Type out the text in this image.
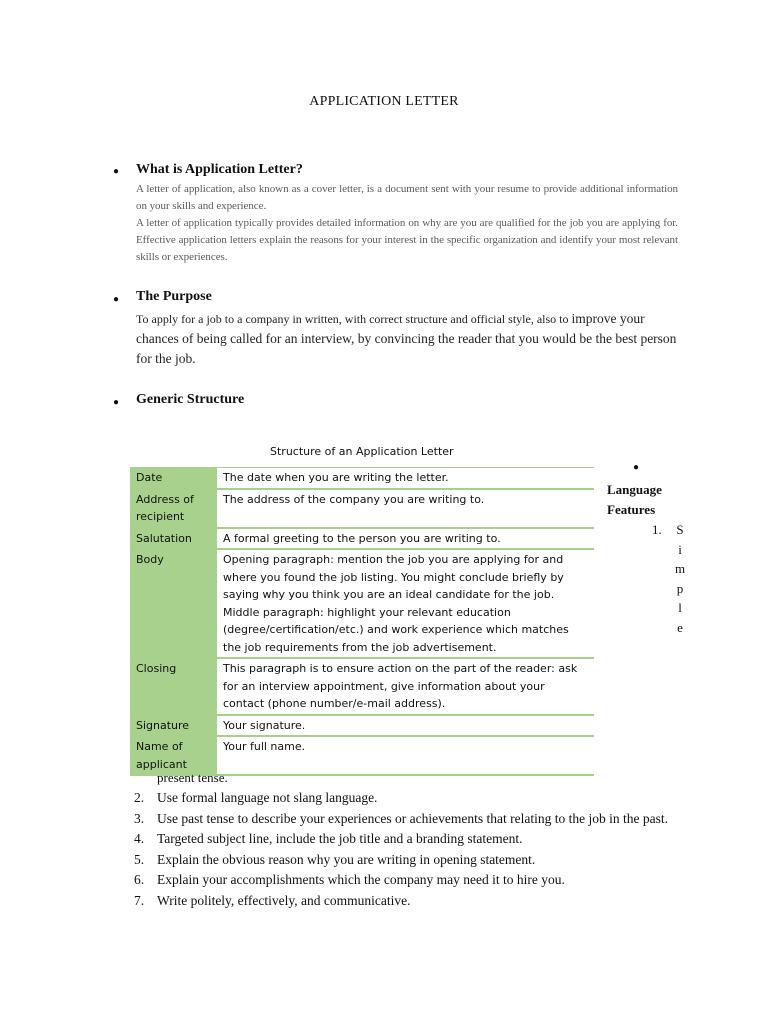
APPLICATION LETTER
● What is Application Letter?

A letter of application, also known as a cover letter, is a document sent with your resume to provide additional information on your skills and experience.

A letter of application typically provides detailed information on why are you are qualified for the job you are applying for. Effective application letters explain the reasons for your interest in the specific organization and identify your most relevant skills or experiences.

● The Purpose
To apply for a job to a company in written, with correct structure and official style, also to improve your chances of being called for an interview, by convincing the reader that you would be the best person for the job.
● Generic Structure
Structure of an Application Letter
Date	The date when you are writing the letter.
Address of recipient	The address of the company you are writing to.
Salutation	A formal greeting to the person you are writing to.
Body	Opening paragraph: mention the job you are applying for and where you found the job listing. You might conclude briefly by saying why you think you are an ideal candidate for the job. Middle paragraph: highlight your relevant education (degree/certification/etc.) and work experience which matches the job requirements from the job advertisement.
Closing	This paragraph is to ensure action on the part of the reader: ask for an interview appointment, give information about your contact (phone number/e-mail address).
Signature	Your signature.
Name of applicant	Your full name.
●
Language Features
1. S
i
m
p
l
e
present tense.
2. Use formal language not slang language.
3. Use past tense to describe your experiences or achievements that relating to the job in the past.
4. Targeted subject line, include the job title and a branding statement.
5. Explain the obvious reason why you are writing in opening statement.
6. Explain your accomplishments which the company may need it to hire you.
7. Write politely, effectively, and communicative.
